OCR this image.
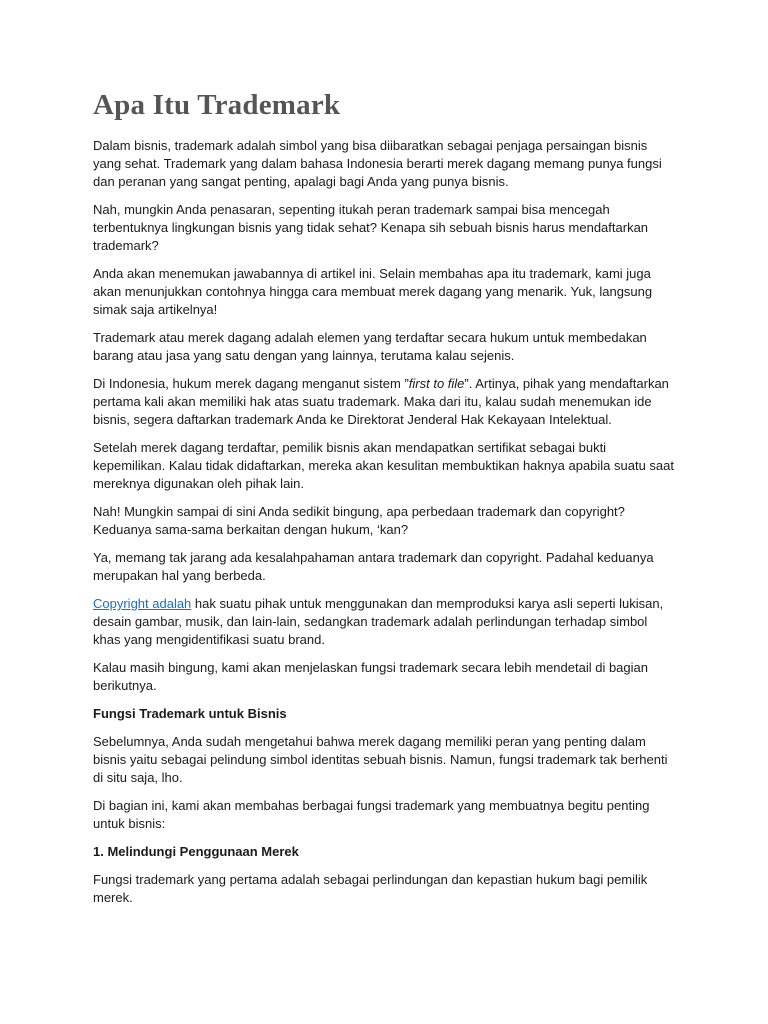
Apa Itu Trademark

Dalam bisnis, trademark adalah simbol yang bisa diibaratkan sebagai penjaga persaingan bisnis yang sehat. Trademark yang dalam bahasa Indonesia berarti merek dagang memang punya fungsi dan peranan yang sangat penting, apalagi bagi Anda yang punya bisnis.

Nah, mungkin Anda penasaran, sepenting itukah peran trademark sampai bisa mencegah terbentuknya lingkungan bisnis yang tidak sehat? Kenapa sih sebuah bisnis harus mendaftarkan trademark?

Anda akan menemukan jawabannya di artikel ini. Selain membahas apa itu trademark, kami juga akan menunjukkan contohnya hingga cara membuat merek dagang yang menarik. Yuk, langsung simak saja artikelnya!

Trademark atau merek dagang adalah elemen yang terdaftar secara hukum untuk membedakan barang atau jasa yang satu dengan yang lainnya, terutama kalau sejenis.

Di Indonesia, hukum merek dagang menganut sistem ”first to file”. Artinya, pihak yang mendaftarkan pertama kali akan memiliki hak atas suatu trademark. Maka dari itu, kalau sudah menemukan ide bisnis, segera daftarkan trademark Anda ke Direktorat Jenderal Hak Kekayaan Intelektual.

Setelah merek dagang terdaftar, pemilik bisnis akan mendapatkan sertifikat sebagai bukti kepemilikan. Kalau tidak didaftarkan, mereka akan kesulitan membuktikan haknya apabila suatu saat mereknya digunakan oleh pihak lain.

Nah! Mungkin sampai di sini Anda sedikit bingung, apa perbedaan trademark dan copyright? Keduanya sama-sama berkaitan dengan hukum, ‘kan?

Ya, memang tak jarang ada kesalahpahaman antara trademark dan copyright. Padahal keduanya merupakan hal yang berbeda.

Copyright adalah hak suatu pihak untuk menggunakan dan memproduksi karya asli seperti lukisan, desain gambar, musik, dan lain-lain, sedangkan trademark adalah perlindungan terhadap simbol khas yang mengidentifikasi suatu brand.

Kalau masih bingung, kami akan menjelaskan fungsi trademark secara lebih mendetail di bagian berikutnya.

Fungsi Trademark untuk Bisnis

Sebelumnya, Anda sudah mengetahui bahwa merek dagang memiliki peran yang penting dalam bisnis yaitu sebagai pelindung simbol identitas sebuah bisnis. Namun, fungsi trademark tak berhenti di situ saja, lho.

Di bagian ini, kami akan membahas berbagai fungsi trademark yang membuatnya begitu penting untuk bisnis:

1. Melindungi Penggunaan Merek

Fungsi trademark yang pertama adalah sebagai perlindungan dan kepastian hukum bagi pemilik merek.
